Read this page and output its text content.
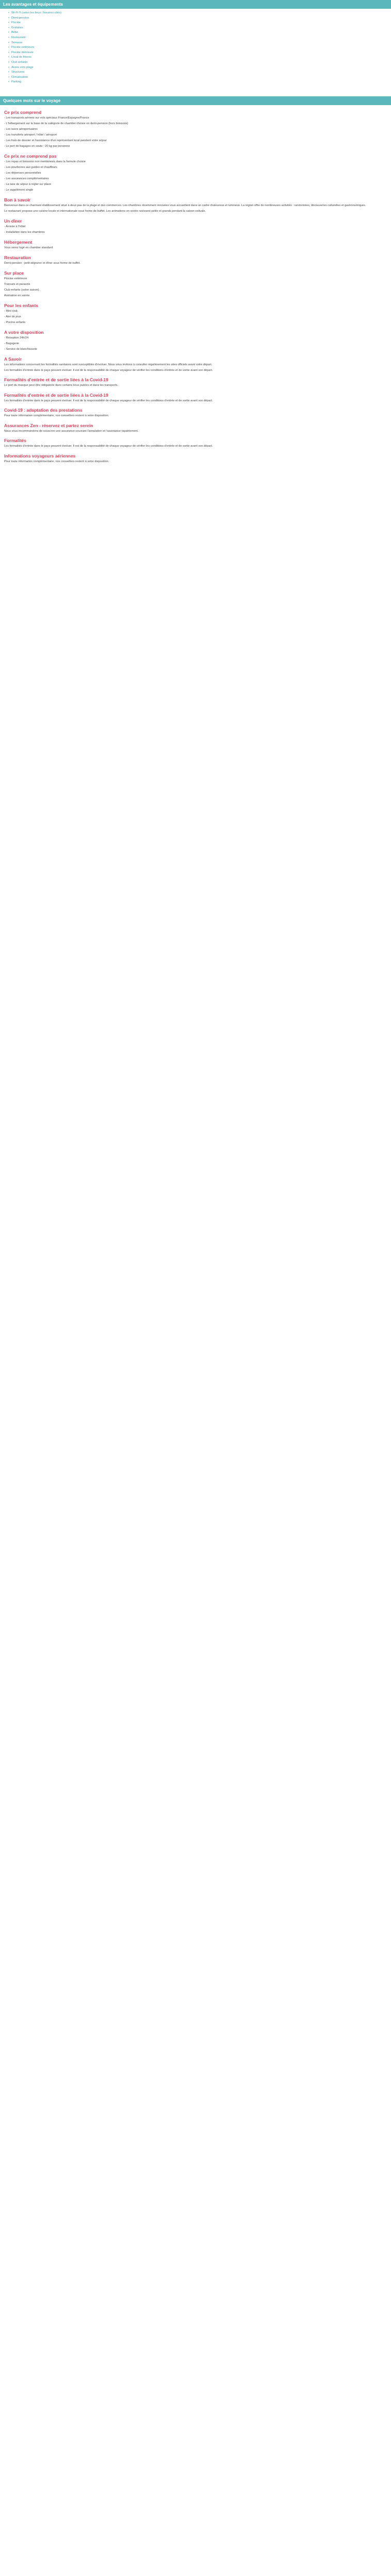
Les avantages et équipements
• Wi-Fi ® (selon les lieux / horaires cités)
• Demi-pension
• Piscine
• Gratuites
• Bébé
• Restaurant
• Terrasse
• Piscine extérieure
• Piscine intérieure
• Local de fitness
• Club enfants
• Accès vers plage
• Structures
• Climatisation
• Parking
Quelques mots sur le voyage
Ce prix comprend

- Les transports aériens sur vols spéciaux France/Espagne/France

- L'hébergement sur la base de la catégorie de chambre choisie en demi-pension (hors boissons)

- Les taxes aéroportuaires

- Les transferts aéroport / hôtel / aéroport

- Les frais de dossier et l'assistance d'un représentant local pendant votre séjour

- Le port de bagages en soute : 20 kg par personne

Ce prix ne comprend pas

- Les repas et boissons non mentionnés dans la formule choisie

- Les pourboires aux guides et chauffeurs

- Les dépenses personnelles

- Les assurances complémentaires

- La taxe de séjour à régler sur place

- Le supplément single

Bon à savoir

Bienvenue dans ce charmant établissement situé à deux pas de la plage et des commerces. Les chambres récemment rénovées vous accueillent dans un cadre chaleureux et lumineux. La région offre de nombreuses activités : randonnées, découvertes culturelles et gastronomiques.

Le restaurant propose une cuisine locale et internationale sous forme de buffet. Les animations en soirée ravissent petits et grands pendant la saison estivale.

Un dîner

- Arrivée à l'hôtel

- Installation dans les chambres

Hébergement

Vous serez logé en chambre standard

Restauration

Demi-pension : petit-déjeuner et dîner sous forme de buffet.

Sur place

Piscine extérieure

Transats et parasols

Club enfants (selon saison)

Animation en soirée

Pour les enfants

- Mini-club

- Aire de jeux

- Piscine enfants

A votre disposition

- Réception 24h/24

- Bagagerie

- Service de blanchisserie

A Savoir

Les informations concernant les formalités sanitaires sont susceptibles d'évoluer. Nous vous invitons à consulter régulièrement les sites officiels avant votre départ.

Les formalités d'entrée dans le pays peuvent évoluer. Il est de la responsabilité de chaque voyageur de vérifier les conditions d'entrée et de sortie avant son départ.

Formalités d'entrée et de sortie liées à la Covid-19

Le port du masque peut être obligatoire dans certains lieux publics et dans les transports.

Formalités d'entrée et de sortie liées à la Covid-19

Les formalités d'entrée dans le pays peuvent évoluer. Il est de la responsabilité de chaque voyageur de vérifier les conditions d'entrée et de sortie avant son départ.

Covid-19 : adaptation des prestations

Pour toute information complémentaire, nos conseillers restent à votre disposition.

Assurances Zen - réservez et partez serein

Nous vous recommandons de souscrire une assurance couvrant l'annulation et l'assistance rapatriement.

Formalités

Les formalités d'entrée dans le pays peuvent évoluer. Il est de la responsabilité de chaque voyageur de vérifier les conditions d'entrée et de sortie avant son départ.

Informations voyageurs aériennes

Pour toute information complémentaire, nos conseillers restent à votre disposition.
